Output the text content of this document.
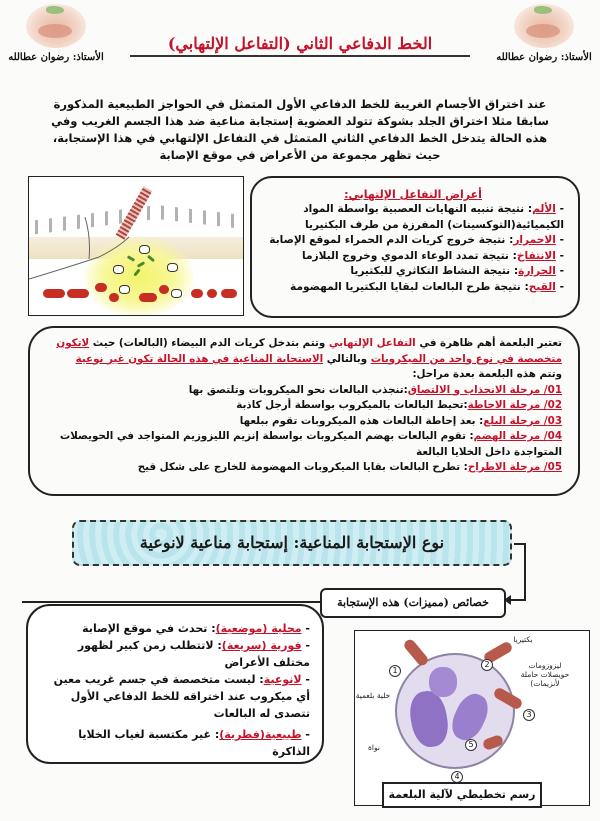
الأستاذ: رضوان عطالله
الأستاذ: رضوان عطالله
الخط الدفاعي الثاني (التفاعل الإلتهابي)
عند اختراق الأجسام الغريبة للخط الدفاعي الأول المتمثل في الحواجز الطبيعية المذكورة سابقا مثلا اختراق الجلد بشوكة تتولد العضوية إستجابة مناعية ضد هذا الجسم الغريب وفي هذه الحالة يتدخل الخط الدفاعي الثاني المتمثل في التفاعل الإلتهابي في هذا الإستجابة، حيث تظهر مجموعة من الأعراض في موقع الإصابة
أعراض التفاعل الإلتهابي:
- الألم: نتيجة تنبيه النهايات العصبية بواسطة المواد الكيميائية(التوكسينات) المفرزة من طرف البكتيريا
- الاحمرار: نتيجة خروج كريات الدم الحمراء لموقع الإصابة
- الانتفاخ: نتيجة تمدد الوعاء الدموي وخروج البلازما
- الحرارة: نتيجة النشاط التكاثري للبكتيريا
- القيح: نتيجة طرح البالعات لبقايا البكتيريا المهضومة
تعتبر البلعمة أهم ظاهرة في التفاعل الإلتهابي وتتم بتدخل كريات الدم البيضاء (البالعات) حيث لاتكون متخصصة في نوع واحد من الميكروبات وبالتالي الاستجابة المناعية في هذه الحالة تكون غير نوعية
وتتم هذه البلعمة بعدة مراحل:
01/ مرحلة الانجذاب و الالتصاق:تنجذب البالعات نحو الميكروبات وتلتصق بها
02/ مرحلة الاحاطة:تحيط البالعات بالميكروب بواسطة أرجل كاذبة
03/ مرحلة البلع: بعد إحاطة البالعات هذه الميكروبات تقوم ببلعها
04/ مرحلة الهضم: تقوم البالعات بهضم الميكروبات بواسطة إنزيم الليزوزيم المتواجد في الحويصلات المتواجدة داخل الخلايا البالعة
05/ مرحلة الاطراح: تطرح البالعات بقايا الميكروبات المهضومة للخارج على شكل قيح
نوع الإستجابة المناعية: إستجابة مناعية لانوعية
خصائص (مميزات) هذه الإستجابة
- محلية (موضعية): تحدث في موقع الإصابة
- فورية (سريعة): لاتتطلب زمن كبير لظهور مختلف الأعراض
- لانوعية: ليست متخصصة في جسم غريب معين أي ميكروب عند اختراقه للخط الدفاعي الأول تتصدى له البالعات
- طبيعية(فطرية): غير مكتسبة لغياب الخلايا الذاكرة
1
2
3
4
5
بكتيريا
ليزوزومات حويصلات حاملة لأنزيمات)
خلية بلعمية
نواة
رسم تخطيطي لآلية البلعمة
